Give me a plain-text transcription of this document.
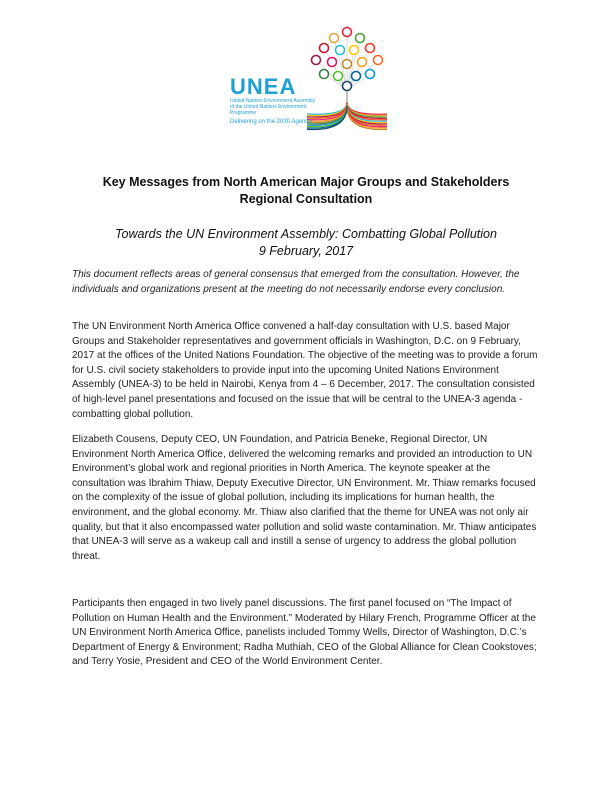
UNEA
United Nations Environment Assembly of the United Nations Environment Programme
Delivering on the 2030 Agenda
Key Messages from North American Major Groups and Stakeholders
Regional Consultation
Towards the UN Environment Assembly: Combatting Global Pollution
9 February, 2017
This document reflects areas of general consensus that emerged from the consultation. However, the individuals and organizations present at the meeting do not necessarily endorse every conclusion.
The UN Environment North America Office convened a half-day consultation with U.S. based Major Groups and Stakeholder representatives and government officials in Washington, D.C. on 9 February, 2017 at the offices of the United Nations Foundation. The objective of the meeting was to provide a forum for U.S. civil society stakeholders to provide input into the upcoming United Nations Environment Assembly (UNEA-3) to be held in Nairobi, Kenya from 4 – 6 December, 2017. The consultation consisted of high-level panel presentations and focused on the issue that will be central to the UNEA-3 agenda - combatting global pollution.
Elizabeth Cousens, Deputy CEO, UN Foundation, and Patricia Beneke, Regional Director, UN Environment North America Office, delivered the welcoming remarks and provided an introduction to UN Environment’s global work and regional priorities in North America. The keynote speaker at the consultation was Ibrahim Thiaw, Deputy Executive Director, UN Environment. Mr. Thiaw remarks focused on the complexity of the issue of global pollution, including its implications for human health, the environment, and the global economy. Mr. Thiaw also clarified that the theme for UNEA was not only air quality, but that it also encompassed water pollution and solid waste contamination. Mr. Thiaw anticipates that UNEA-3 will serve as a wakeup call and instill a sense of urgency to address the global pollution threat.
Participants then engaged in two lively panel discussions. The first panel focused on “The Impact of Pollution on Human Health and the Environment.” Moderated by Hilary French, Programme Officer at the UN Environment North America Office, panelists included Tommy Wells, Director of Washington, D.C.’s Department of Energy & Environment; Radha Muthiah, CEO of the Global Alliance for Clean Cookstoves; and Terry Yosie, President and CEO of the World Environment Center.
